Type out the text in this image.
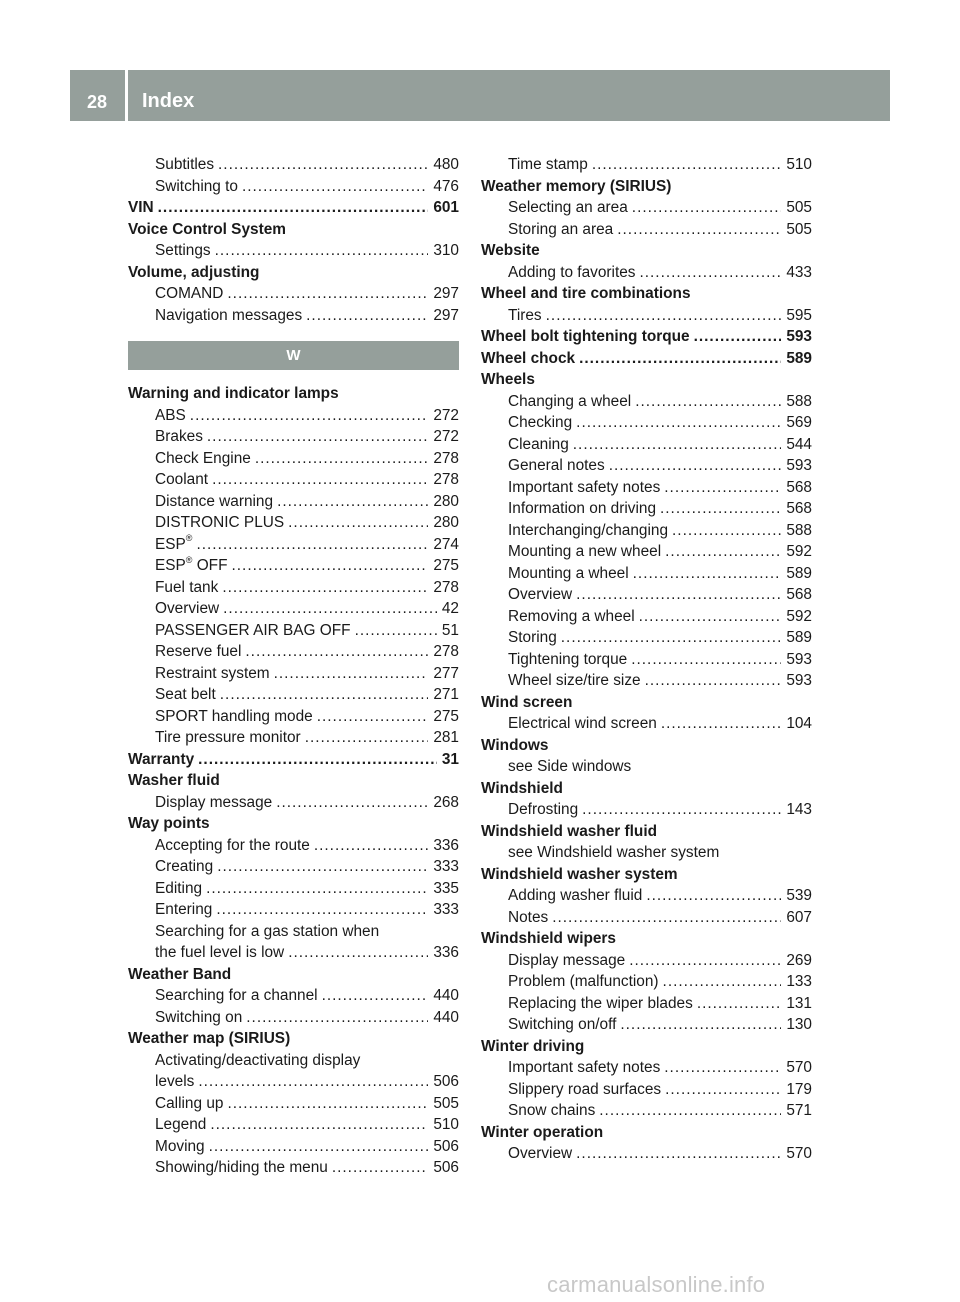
28	Index
Subtitles .....	480
Switching to .....	476
VIN .....	601
Voice Control System
Settings .....	310
Volume, adjusting
COMAND .....	297
Navigation messages .....	297
W
Warning and indicator lamps
ABS .....	272
Brakes .....	272
Check Engine .....	278
Coolant .....	278
Distance warning .....	280
DISTRONIC PLUS .....	280
ESP® .....	274
ESP® OFF .....	275
Fuel tank .....	278
Overview .....	42
PASSENGER AIR BAG OFF .....	51
Reserve fuel .....	278
Restraint system .....	277
Seat belt .....	271
SPORT handling mode .....	275
Tire pressure monitor .....	281
Warranty .....	31
Washer fluid
Display message .....	268
Way points
Accepting for the route .....	336
Creating .....	333
Editing .....	335
Entering .....	333
Searching for a gas station when
the fuel level is low .....	336
Weather Band
Searching for a channel .....	440
Switching on .....	440
Weather map (SIRIUS)
Activating/deactivating display
levels .....	506
Calling up .....	505
Legend .....	510
Moving .....	506
Showing/hiding the menu .....	506
Time stamp .....	510
Weather memory (SIRIUS)
Selecting an area .....	505
Storing an area .....	505
Website
Adding to favorites .....	433
Wheel and tire combinations
Tires .....	595
Wheel bolt tightening torque .....	593
Wheel chock .....	589
Wheels
Changing a wheel .....	588
Checking .....	569
Cleaning .....	544
General notes .....	593
Important safety notes .....	568
Information on driving .....	568
Interchanging/changing .....	588
Mounting a new wheel .....	592
Mounting a wheel .....	589
Overview .....	568
Removing a wheel .....	592
Storing .....	589
Tightening torque .....	593
Wheel size/tire size .....	593
Wind screen
Electrical wind screen .....	104
Windows
see Side windows
Windshield
Defrosting .....	143
Windshield washer fluid
see Windshield washer system
Windshield washer system
Adding washer fluid .....	539
Notes .....	607
Windshield wipers
Display message .....	269
Problem (malfunction) .....	133
Replacing the wiper blades .....	131
Switching on/off .....	130
Winter driving
Important safety notes .....	570
Slippery road surfaces .....	179
Snow chains .....	571
Winter operation
Overview .....	570
carmanualsonline.info
